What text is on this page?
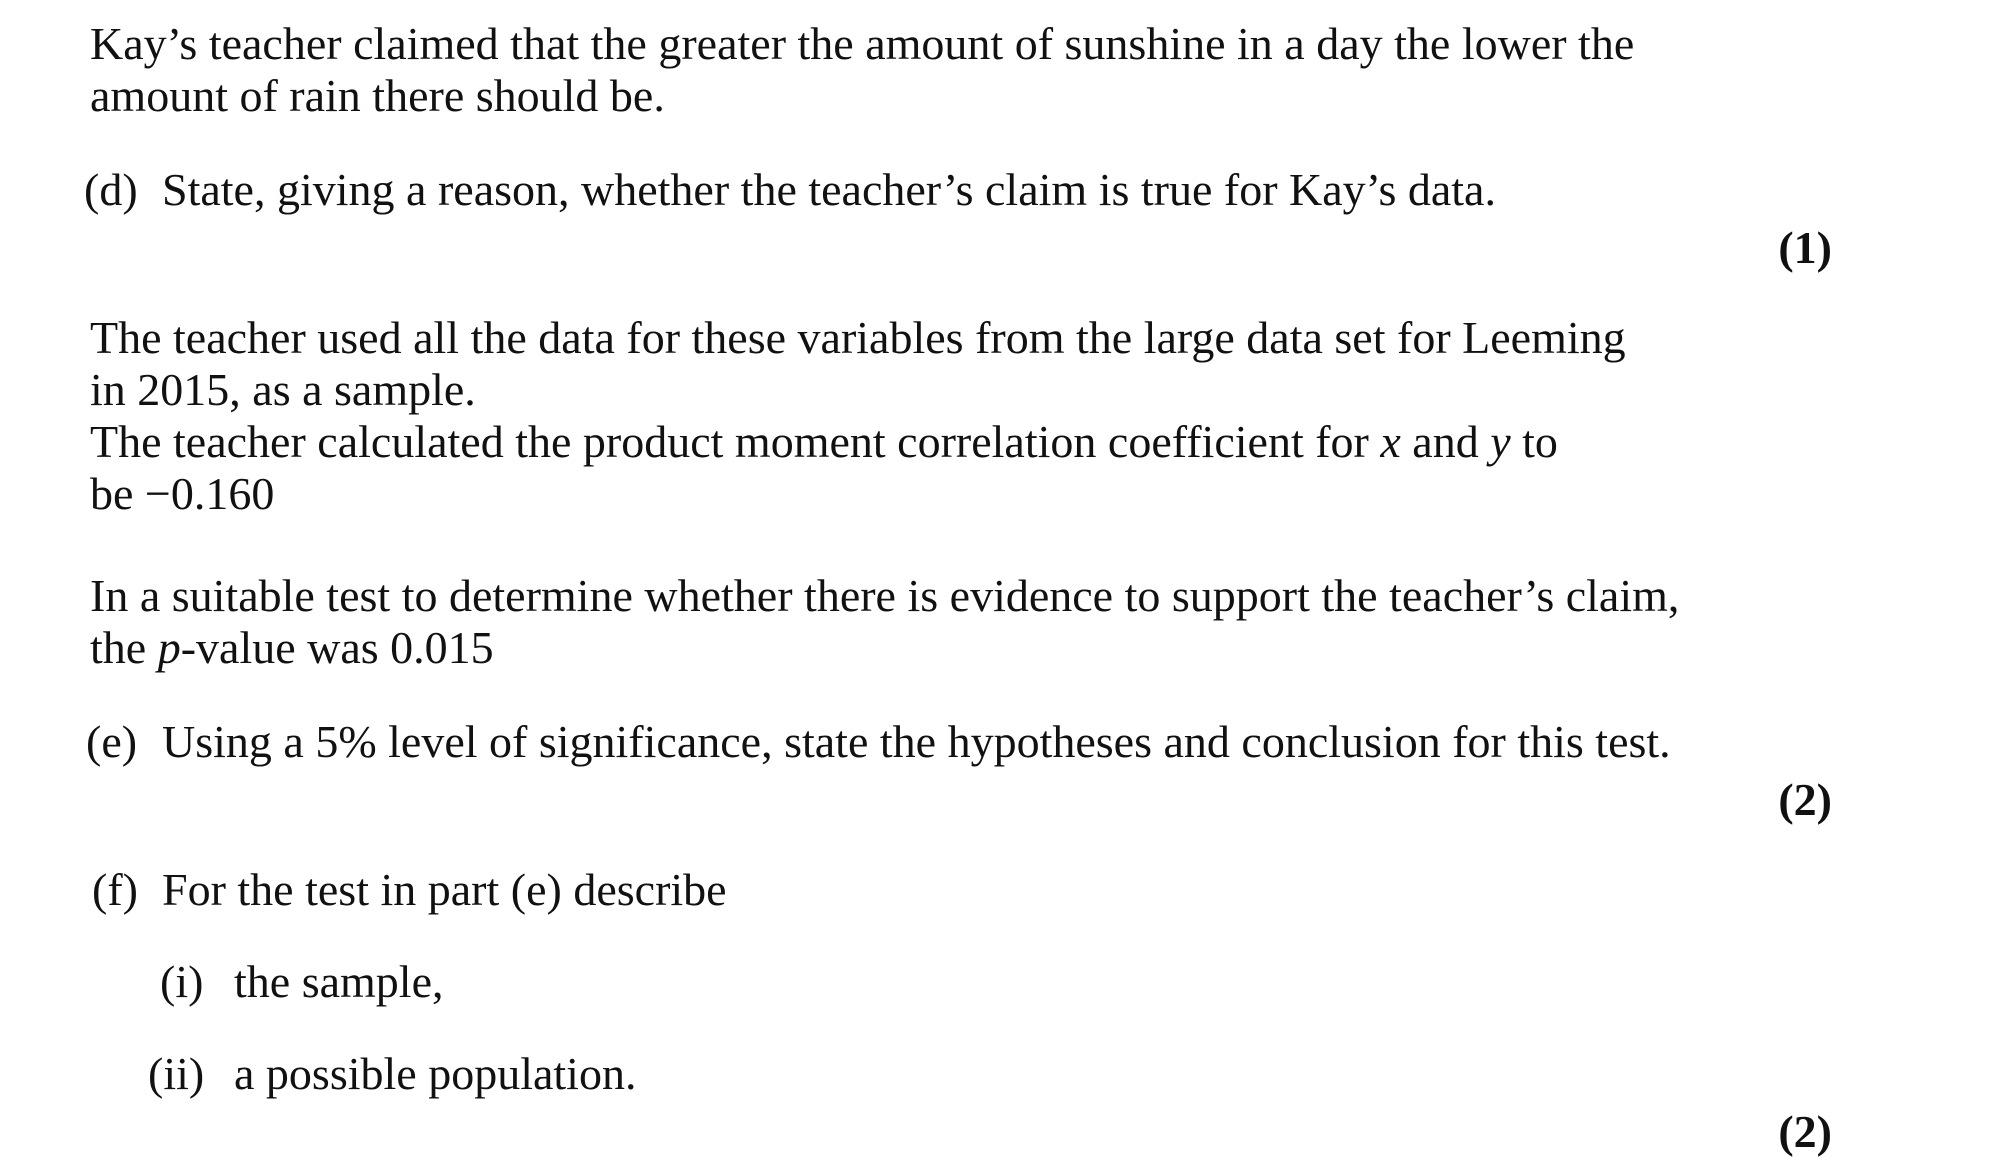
Kay’s teacher claimed that the greater the amount of sunshine in a day the lower the
amount of rain there should be.
(d) State, giving a reason, whether the teacher’s claim is true for Kay’s data.
(1)
The teacher used all the data for these variables from the large data set for Leeming
in 2015, as a sample.
The teacher calculated the product moment correlation coefficient for x and y to
be −0.160
In a suitable test to determine whether there is evidence to support the teacher’s claim,
the p-value was 0.015
(e) Using a 5% level of significance, state the hypotheses and conclusion for this test.
(2)
(f) For the test in part (e) describe
(i) the sample,
(ii) a possible population.
(2)
